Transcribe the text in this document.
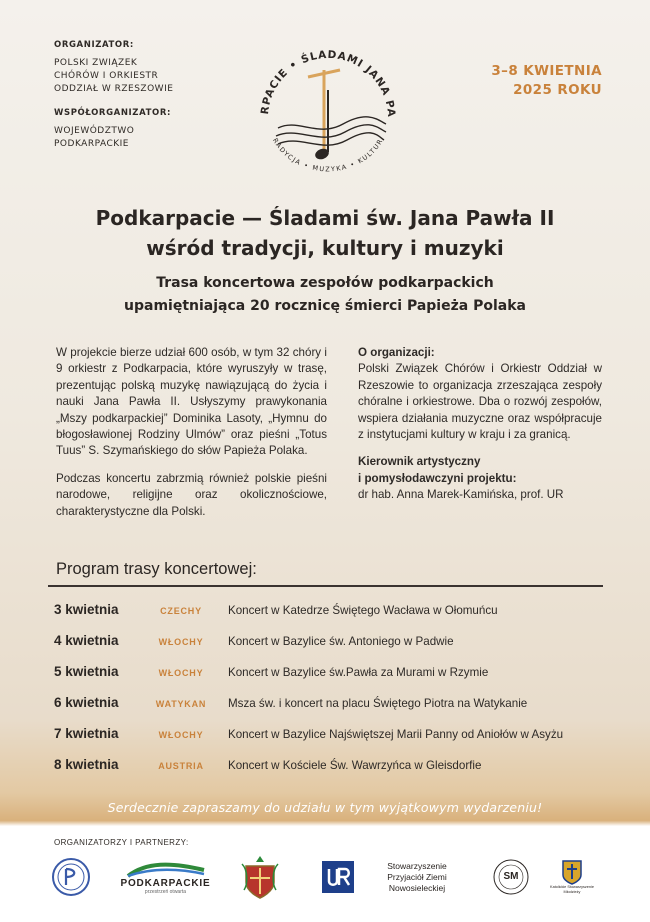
ORGANIZATOR:
POLSKI ZWIĄZEK
CHÓRÓW I ORKIESTR
ODDZIAŁ W RZESZOWIE
WSPÓŁORGANIZATOR:
WOJEWÓDZTWO
PODKARPACKIE
RPACIE • ŚLADAMI JANA PA
RADYCJA • MUZYKA • KULTUR
3–8 KWIETNIA
2025 ROKU
Podkarpacie — Śladami św. Jana Pawła II
wśród tradycji, kultury i muzyki
Trasa koncertowa zespołów podkarpackich
upamiętniająca 20 rocznicę śmierci Papieża Polaka

W projekcie bierze udział 600 osób, w tym 32 chóry i 9 orkiestr z Podkarpacia, które wyruszyły w trasę, prezentując polską muzykę nawiązującą do życia i nauki Jana Pawła II. Usłyszymy prawykonania „Mszy podkarpackiej” Dominika Lasoty, „Hymnu do błogosławionej Rodziny Ulmów” oraz pieśni „Totus Tuus” S. Szymańskiego do słów Papieża Polaka.

Podczas koncertu zabrzmią również polskie pieśni narodowe, religijne oraz okolicznościowe, charakterystyczne dla Polski.

O organizacji:

Polski Związek Chórów i Orkiestr Oddział w Rzeszowie to organizacja zrzeszająca zespoły chóralne i orkiestrowe. Dba o rozwój zespołów, wspiera działania muzyczne oraz współpracuje z instytucjami kultury w kraju i za granicą.

Kierownik artystyczny
i pomysłodawczyni projektu:
dr hab. Anna Marek-Kamińska, prof. UR
Program trasy koncertowej:
3 kwietnia	CZECHY	Koncert w Katedrze Świętego Wacława w Ołomuńcu
4 kwietnia	WŁOCHY	Koncert w Bazylice św. Antoniego w Padwie
5 kwietnia	WŁOCHY	Koncert w Bazylice św.Pawła za Murami w Rzymie
6 kwietnia	WATYKAN	Msza św. i koncert na placu Świętego Piotra na Watykanie
7 kwietnia	WŁOCHY	Koncert w Bazylice Najświętszej Marii Panny od Aniołów w Asyżu
8 kwietnia	AUSTRIA	Koncert w Kościele Św. Wawrzyńca w Gleisdorfie
Serdecznie zapraszamy do udziału w tym wyjątkowym wydarzeniu!
ORGANIZATORZY I PARTNERZY:
PODKARPACKIE
przestrzeń otwarta
Stowarzyszenie
Przyjaciół Ziemi
Nowosieleckiej
SM
Katolickie Stowarzyszenie Młodzieży
